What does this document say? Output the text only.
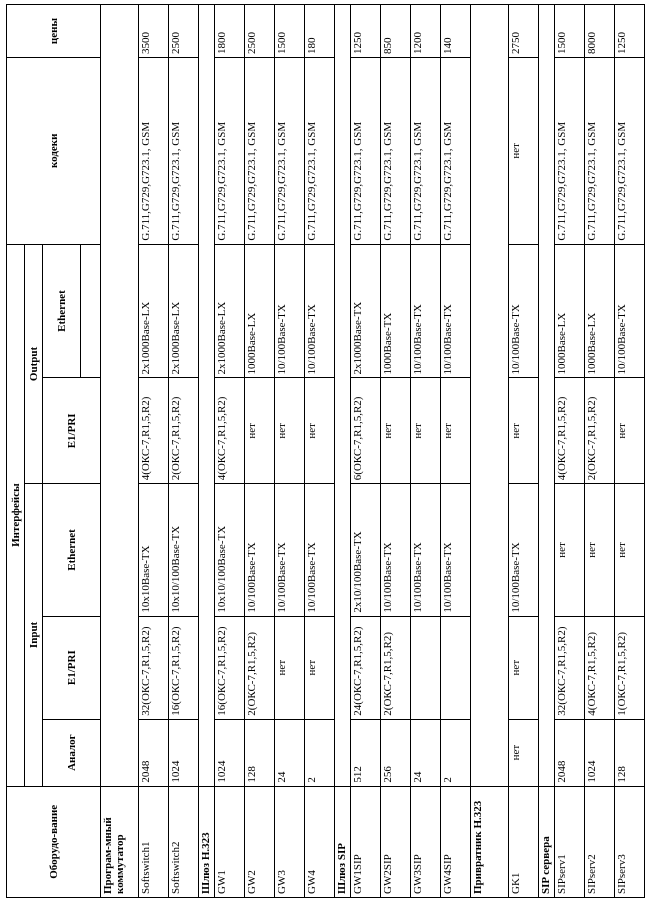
Оборудо-вание	Интерфейсы					кодеки	цены
	Input			Output			
	Аналог	E1/PRI	Ethernet	E1/PRI	Ethernet		

Програм-мный коммутатор							
Softswitch1	2048	32(ОКС-7,R1,5,R2)	10x10Base-TX	4(ОКС-7,R1,5,R2)	2x1000Base-LX	G.711,G729,G723.1, GSM	3500
Softswitch2	1024	16(ОКС-7,R1,5,R2)	10x10/100Base-TX	2(ОКС-7,R1,5,R2)	2x1000Base-LX	G.711,G729,G723.1, GSM	2500
Шлюз H.323							
GW1	1024	16(ОКС-7,R1,5,R2)	10x10/100Base-TX	4(ОКС-7,R1,5,R2)	2x1000Base-LX	G.711,G729,G723.1, GSM	1800
GW2	128	2(ОКС-7,R1,5,R2)	10/100Base-TX	нет	1000Base-LX	G.711,G729,G723.1, GSM	2500
GW3	24	нет	10/100Base-TX	нет	10/100Base-TX	G.711,G729,G723.1, GSM	1500
GW4	2	нет	10/100Base-TX	нет	10/100Base-TX	G.711,G729,G723.1, GSM	180
Шлюз SIP							
GW1SIP	512	24(ОКС-7,R1,5,R2)	2x10/100Base-TX	6(ОКС-7,R1,5,R2)	2x1000Base-TX	G.711,G729,G723.1, GSM	1250
GW2SIP	256	2(ОКС-7,R1,5,R2)	10/100Base-TX	нет	1000Base-TX	G.711,G729,G723.1, GSM	850
GW3SIP	24		10/100Base-TX	нет	10/100Base-TX	G.711,G729,G723.1, GSM	1200
GW4SIP	2		10/100Base-TX	нет	10/100Base-TX	G.711,G729,G723.1, GSM	140
Привратник H.323							
GK1	нет	нет	10/100Base-TX	нет	10/100Base-TX	нет	2750
SIP сервера							
SIPserv1	2048	32(ОКС-7,R1,5,R2)	нет	4(ОКС-7,R1,5,R2)	1000Base-LX	G.711,G729,G723.1, GSM	1500
SIPserv2	1024	4(ОКС-7,R1,5,R2)	нет	2(ОКС-7,R1,5,R2)	1000Base-LX	G.711,G729,G723.1, GSM	8000
SIPserv3	128	1(ОКС-7,R1,5,R2)	нет	нет	10/100Base-TX	G.711,G729,G723.1, GSM	1250
